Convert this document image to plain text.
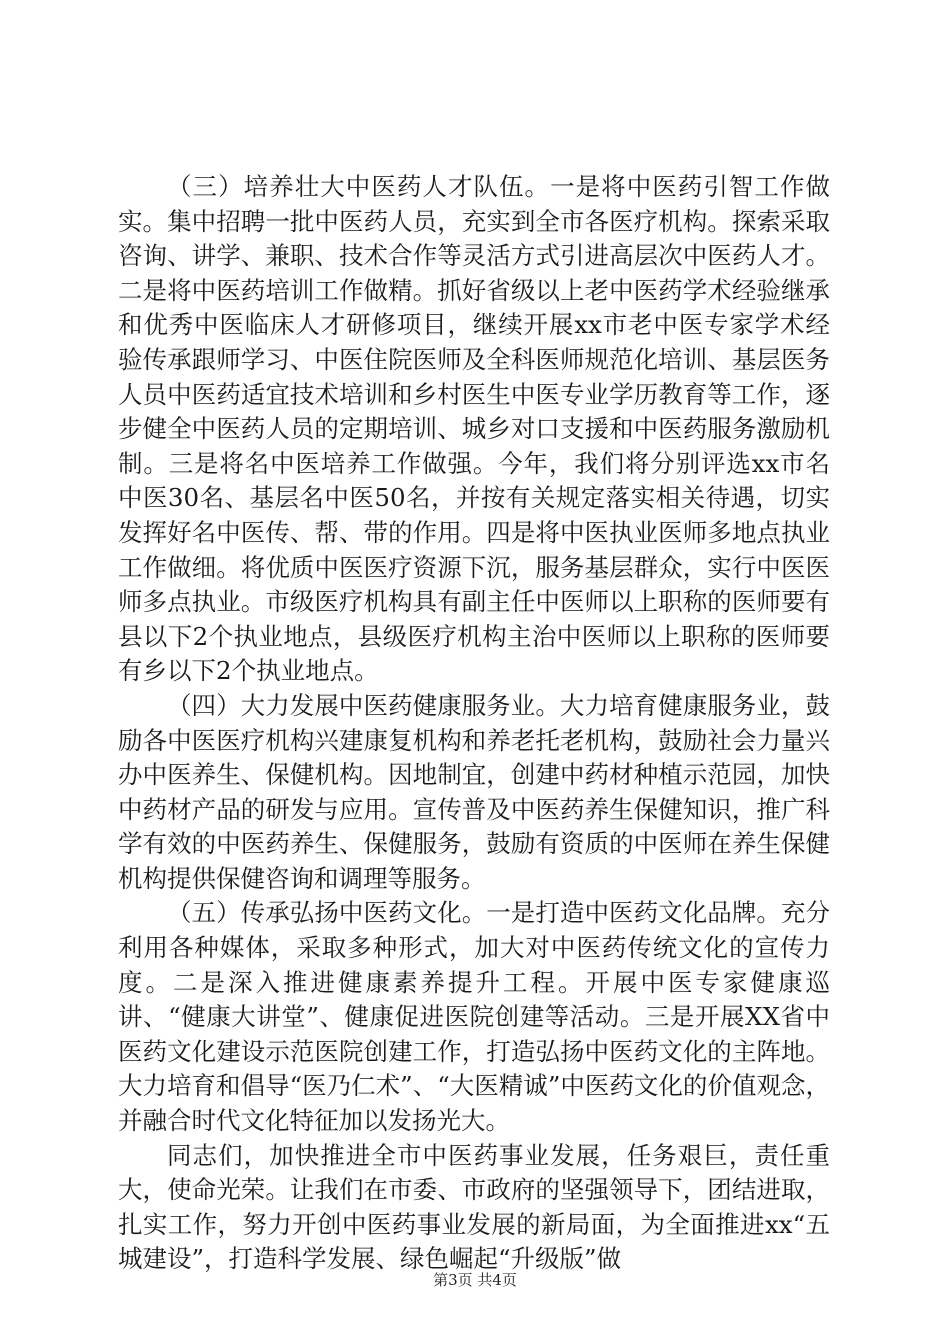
（三）培养壮大中医药人才队伍。一是将中医药引智工作做实。集中招聘一批中医药人员，充实到全市各医疗机构。探索采取咨询、讲学、兼职、技术合作等灵活方式引进高层次中医药人才。二是将中医药培训工作做精。抓好省级以上老中医药学术经验继承和优秀中医临床人才研修项目，继续开展xx市老中医专家学术经验传承跟师学习、中医住院医师及全科医师规范化培训、基层医务人员中医药适宜技术培训和乡村医生中医专业学历教育等工作，逐步健全中医药人员的定期培训、城乡对口支援和中医药服务激励机制。三是将名中医培养工作做强。今年，我们将分别评选xx市名中医30名、基层名中医50名，并按有关规定落实相关待遇，切实发挥好名中医传、帮、带的作用。四是将中医执业医师多地点执业工作做细。将优质中医医疗资源下沉，服务基层群众，实行中医医师多点执业。市级医疗机构具有副主任中医师以上职称的医师要有县以下2个执业地点，县级医疗机构主治中医师以上职称的医师要有乡以下2个执业地点。

（四）大力发展中医药健康服务业。大力培育健康服务业，鼓励各中医医疗机构兴建康复机构和养老托老机构，鼓励社会力量兴办中医养生、保健机构。因地制宜，创建中药材种植示范园，加快中药材产品的研发与应用。宣传普及中医药养生保健知识，推广科学有效的中医药养生、保健服务，鼓励有资质的中医师在养生保健机构提供保健咨询和调理等服务。

（五）传承弘扬中医药文化。一是打造中医药文化品牌。充分利用各种媒体，采取多种形式，加大对中医药传统文化的宣传力度。二是深入推进健康素养提升工程。开展中医专家健康巡讲、“健康大讲堂”、健康促进医院创建等活动。三是开展XX省中医药文化建设示范医院创建工作，打造弘扬中医药文化的主阵地。大力培育和倡导“医乃仁术”、“大医精诚”中医药文化的价值观念，并融合时代文化特征加以发扬光大。

同志们，加快推进全市中医药事业发展，任务艰巨，责任重大，使命光荣。让我们在市委、市政府的坚强领导下，团结进取，扎实工作，努力开创中医药事业发展的新局面，为全面推进xx“五城建设”，打造科学发展、绿色崛起“升级版”做

第3页 共4页
